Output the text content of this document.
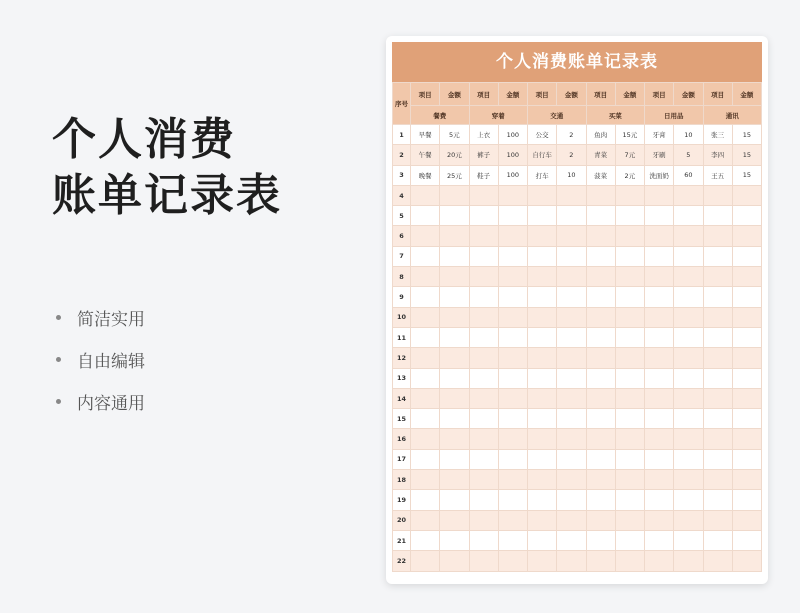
个人消费
账单记录表
简洁实用
自由编辑
内容通用
个人消费账单记录表
序号	项目	金额	项目	金额	项目	金额	项目	金额	项目	金额	项目	金额
	餐费		穿着		交通		买菜		日用品		通讯	
1	早餐	5元	上衣	100	公交	2	鱼肉	15元	牙膏	10	张三	15
2	午餐	20元	裤子	100	自行车	2	青菜	7元	牙刷	5	李四	15
3	晚餐	25元	鞋子	100	打车	10	菠菜	2元	洗面奶	60	王五	15
4												
5												
6												
7												
8												
9												
10												
11												
12												
13												
14												
15												
16												
17												
18												
19												
20												
21												
22												
